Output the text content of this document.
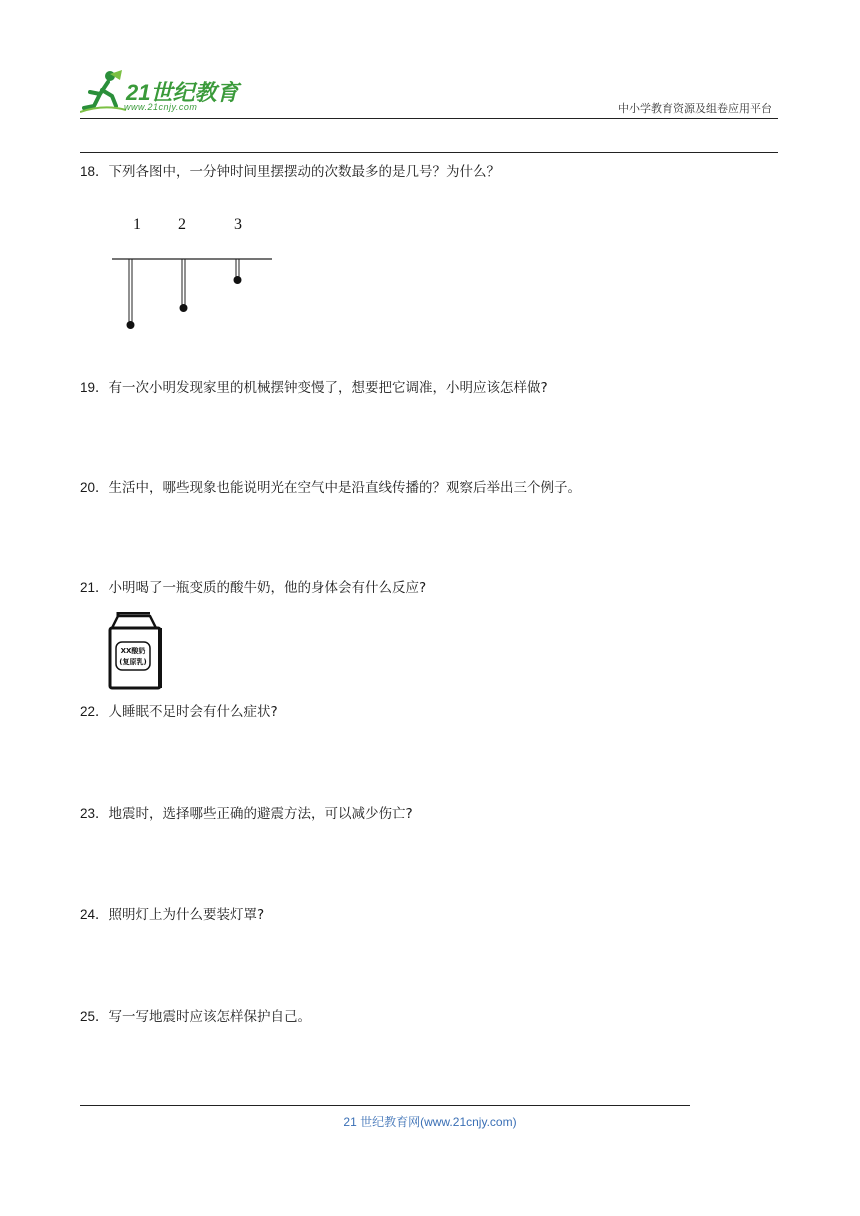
21世纪教育
www.21cnjy.com	中小学教育资源及组卷应用平台
18．下列各图中，一分钟时间里摆摆动的次数最多的是几号？为什么？
1 2	3
19．有一次小明发现家里的机械摆钟变慢了，想要把它调准，小明应该怎样做?
20．生活中，哪些现象也能说明光在空气中是沿直线传播的？观察后举出三个例子。
21．小明喝了一瓶变质的酸牛奶，他的身体会有什么反应?
XX酸奶
(复原乳)
22．人睡眠不足时会有什么症状?
23．地震时，选择哪些正确的避震方法，可以减少伤亡?
24．照明灯上为什么要装灯罩?
25．写一写地震时应该怎样保护自己。
21 世纪教育网(www.21cnjy.com)
